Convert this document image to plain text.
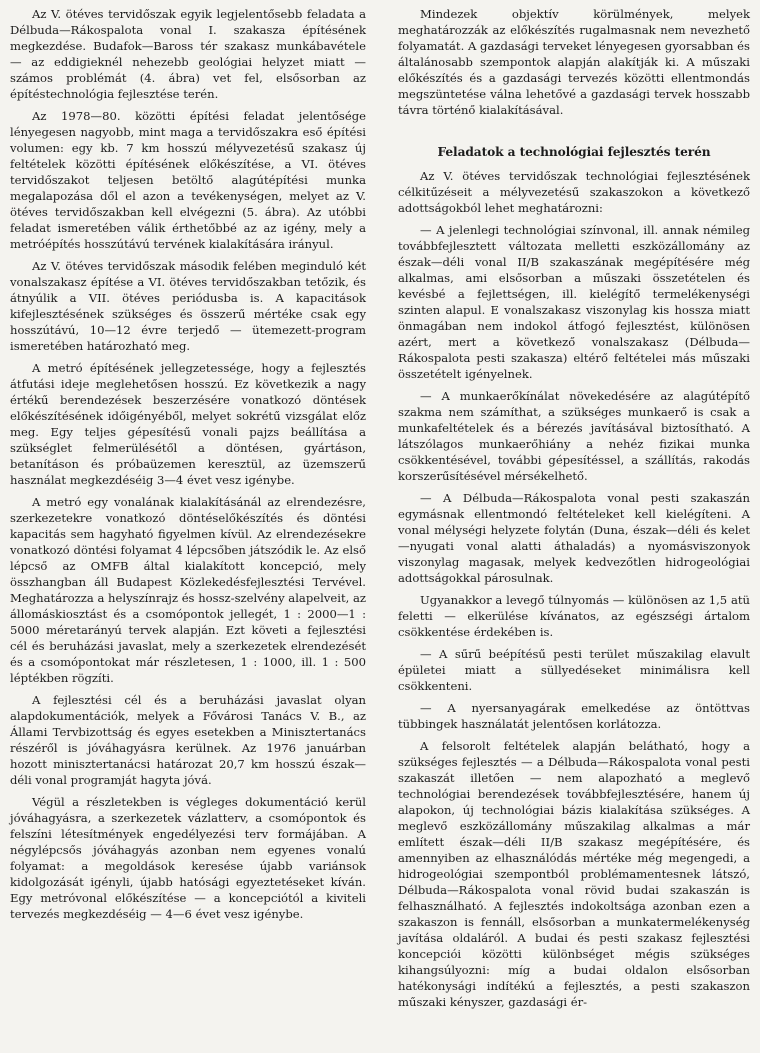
Az V. ötéves tervidőszak egyik legjelentősebb feladata a Délbuda—Rákospalota vonal I. szakasza építésének megkezdése. Budafok—Baross tér szakasz munkábavétele — az eddigieknél nehezebb geológiai helyzet miatt — számos problémát (4. ábra) vet fel, elsősorban az építéstechnológia fejlesztése terén.

Az 1978—80. közötti építési feladat jelentősége lényegesen nagyobb, mint maga a tervidőszakra eső építési volumen: egy kb. 7 km hosszú mélyvezetésű szakasz új feltételek közötti építésének előkészítése, a VI. ötéves tervidőszakot teljesen betöltő alagútépítési munka megalapozása dől el azon a tevékenységen, melyet az V. ötéves tervidőszakban kell elvégezni (5. ábra). Az utóbbi feladat ismeretében válik érthetőbbé az az igény, mely a metróépítés hosszútávú tervének kialakítására irányul.

Az V. ötéves tervidőszak második felében meginduló két vonalszakasz építése a VI. ötéves tervidőszakban tetőzik, és átnyúlik a VII. ötéves periódusba is. A kapacitások kifejlesztésének szükséges és összerű mértéke csak egy hosszútávú, 10—12 évre terjedő — ütemezett-program ismeretében határozható meg.

A metró építésének jellegzetessége, hogy a fejlesztés átfutási ideje meglehetősen hosszú. Ez következik a nagy értékű berendezések beszerzésére vonatkozó döntések előkészítésének időigényéből, melyet sokrétű vizsgálat előz meg. Egy teljes gépesítésű vonali pajzs beállítása a szükséglet felmerülésétől a döntésen, gyártáson, betanításon és próbaüzemen keresztül, az üzemszerű használat megkezdéséig 3—4 évet vesz igénybe.

A metró egy vonalának kialakításánál az elrendezésre, szerkezetekre vonatkozó döntéselőkészítés és döntési kapacitás sem hagyható figyelmen kívül. Az elrendezésekre vonatkozó döntési folyamat 4 lépcsőben játszódik le. Az első lépcső az OMFB által kialakított koncepció, mely összhangban áll Budapest Közlekedésfejlesztési Tervével. Meghatározza a helyszínrajz és hossz-szelvény alapelveit, az állomáskiosztást és a csomópontok jellegét, 1 : 2000—1 : 5000 méretarányú tervek alapján. Ezt követi a fejlesztési cél és beruházási javaslat, mely a szerkezetek elrendezését és a csomópontokat már részletesen, 1 : 1000, ill. 1 : 500 léptékben rögzíti.

A fejlesztési cél és a beruházási javaslat olyan alapdokumentációk, melyek a Fővárosi Tanács V. B., az Állami Tervbizottság és egyes esetekben a Minisztertanács részéről is jóváhagyásra kerülnek. Az 1976 januárban hozott minisztertanácsi határozat 20,7 km hosszú észak—déli vonal programját hagyta jóvá.

Végül a részletekben is végleges dokumentáció kerül jóváhagyásra, a szerkezetek vázlatterv, a csomópontok és felszíni létesítmények engedélyezési terv formájában. A négylépcsős jóváhagyás azonban nem egyenes vonalú folyamat: a megoldások keresése újabb variánsok kidolgozását igényli, újabb hatósági egyeztetéseket kíván. Egy metróvonal előkészítése — a koncepciótól a kiviteli tervezés megkezdéséig — 4—6 évet vesz igénybe.

Mindezek objektív körülmények, melyek meghatározzák az előkészítés rugalmasnak nem nevezhető folyamatát. A gazdasági terveket lényegesen gyorsabban és általánosabb szempontok alapján alakítják ki. A műszaki előkészítés és a gazdasági tervezés közötti ellentmondás megszüntetése válna lehetővé a gazdasági tervek hosszabb távra történő kialakításával.

Feladatok a technológiai fejlesztés terén

Az V. ötéves tervidőszak technológiai fejlesztésének célkitűzéseit a mélyvezetésű szakaszokon a következő adottságokból lehet meghatározni:

— A jelenlegi technológiai színvonal, ill. annak némileg továbbfejlesztett változata melletti eszközállomány az észak—déli vonal II/B szakaszának megépítésére még alkalmas, ami elsősorban a műszaki összetételen és kevésbé a fejlettségen, ill. kielégítő termelékenységi szinten alapul. E vonalszakasz viszonylag kis hossza miatt önmagában nem indokol átfogó fejlesztést, különösen azért, mert a következő vonalszakasz (Délbuda—Rákospalota pesti szakasza) eltérő feltételei más műszaki összetételt igényelnek.

— A munkaerőkínálat növekedésére az alagútépítő szakma nem számíthat, a szükséges munkaerő is csak a munkafeltételek és a bérezés javításával biztosítható. A látszólagos munkaerőhiány a nehéz fizikai munka csökkentésével, további gépesítéssel, a szállítás, rakodás korszerűsítésével mérsékelhető.

— A Délbuda—Rákospalota vonal pesti szakaszán egymásnak ellentmondó feltételeket kell kielégíteni. A vonal mélységi helyzete folytán (Duna, észak—déli és kelet—nyugati vonal alatti áthaladás) a nyomásviszonyok viszonylag magasak, melyek kedvezőtlen hidrogeológiai adottságokkal párosulnak.

Ugyanakkor a levegő túlnyomás — különösen az 1,5 atü feletti — elkerülése kívánatos, az egészségi ártalom csökkentése érdekében is.

— A sűrű beépítésű pesti terület műszakilag elavult épületei miatt a süllyedéseket minimálisra kell csökkenteni.

— A nyersanyagárak emelkedése az öntöttvas tübbingek használatát jelentősen korlátozza.

A felsorolt feltételek alapján belátható, hogy a szükséges fejlesztés — a Délbuda—Rákospalota vonal pesti szakaszát illetően — nem alapozható a meglevő technológiai berendezések továbbfejlesztésére, hanem új alapokon, új technológiai bázis kialakítása szükséges. A meglevő eszközállomány műszakilag alkalmas a már említett észak—déli II/B szakasz megépítésére, és amennyiben az elhasználódás mértéke még megengedi, a hidrogeológiai szempontból problémamentesnek látszó, Délbuda—Rákospalota vonal rövid budai szakaszán is felhasználható. A fejlesztés indokoltsága azonban ezen a szakaszon is fennáll, elsősorban a munkatermelékenység javítása oldaláról. A budai és pesti szakasz fejlesztési koncepciói közötti különbséget mégis szükséges kihangsúlyozni: míg a budai oldalon elsősorban hatékonysági indítékú a fejlesztés, a pesti szakaszon műszaki kényszer, gazdasági ér-
